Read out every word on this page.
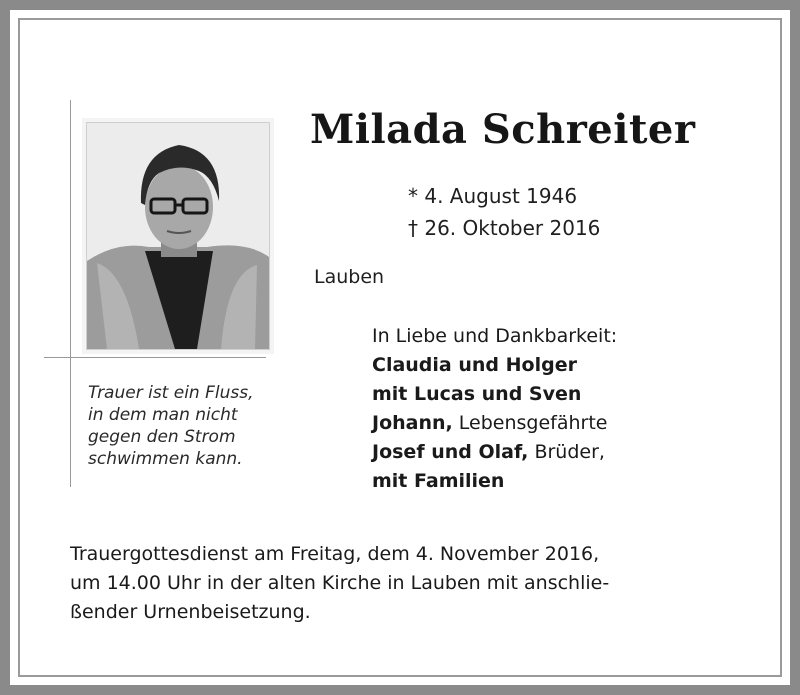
Trauer ist ein Fluss,
in dem man nicht
gegen den Strom
schwimmen kann.
Milada Schreiter
* 4. August 1946
† 26. Oktober 2016
Lauben
In Liebe und Dankbarkeit:
Claudia und Holger
mit Lucas und Sven
Johann, Lebensgefährte
Josef und Olaf, Brüder,
mit Familien
Trauergottesdienst am Freitag, dem 4. November 2016,
um 14.00 Uhr in der alten Kirche in Lauben mit anschlie-
ßender Urnenbeisetzung.
